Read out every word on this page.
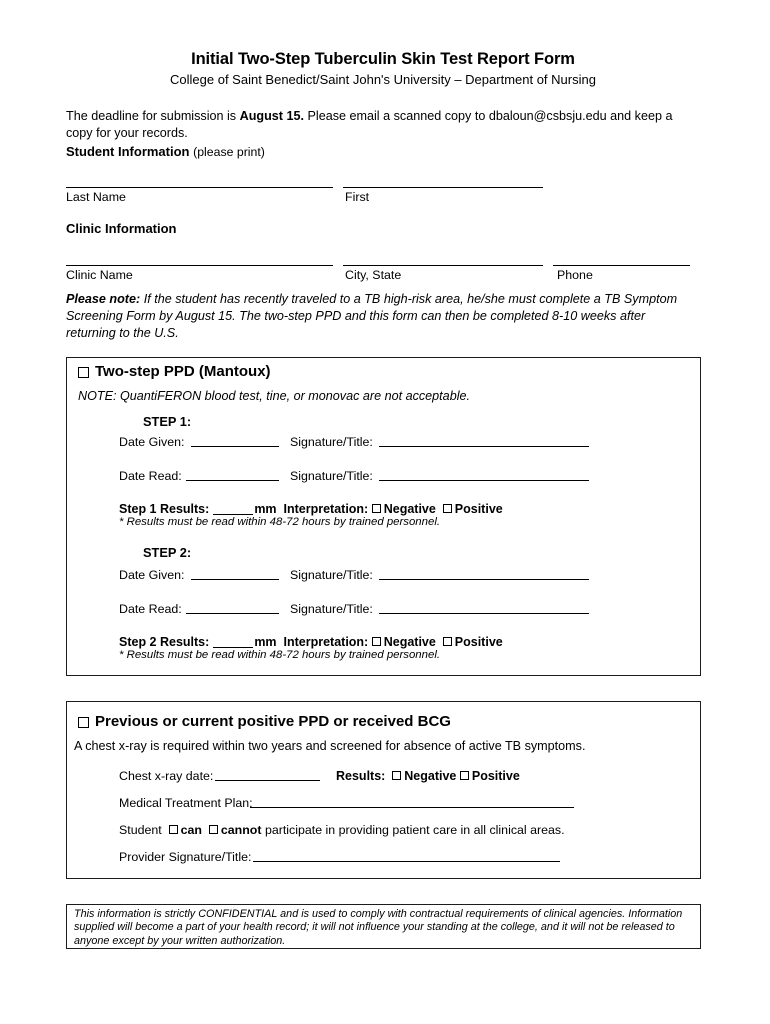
Initial Two-Step Tuberculin Skin Test Report Form
College of Saint Benedict/Saint John's University – Department of Nursing
The deadline for submission is August 15. Please email a scanned copy to dbaloun@csbsju.edu and keep a copy for your records.
Student Information (please print)
Last Name	First
Clinic Information
Clinic Name	City, State	Phone
Please note: If the student has recently traveled to a TB high-risk area, he/she must complete a TB Symptom Screening Form by August 15. The two-step PPD and this form can then be completed 8-10 weeks after returning to the U.S.
Two-step PPD (Mantoux)
NOTE: QuantiFERON blood test, tine, or monovac are not acceptable.
STEP 1:
Date Given:	Signature/Title:
Date Read:	Signature/Title:
Step 1 Results:	mm Interpretation: Negative Positive
* Results must be read within 48-72 hours by trained personnel.
STEP 2:
Date Given:	Signature/Title:
Date Read:	Signature/Title:
Step 2 Results:	mm Interpretation: Negative Positive
* Results must be read within 48-72 hours by trained personnel.
Previous or current positive PPD or received BCG
A chest x-ray is required within two years and screened for absence of active TB symptoms.
Chest x-ray date:	Results: Negative Positive
Medical Treatment Plan:
Student can cannot participate in providing patient care in all clinical areas.
Provider Signature/Title:
This information is strictly CONFIDENTIAL and is used to comply with contractual requirements of clinical agencies. Information supplied will become a part of your health record; it will not influence your standing at the college, and it will not be released to anyone except by your written authorization.
